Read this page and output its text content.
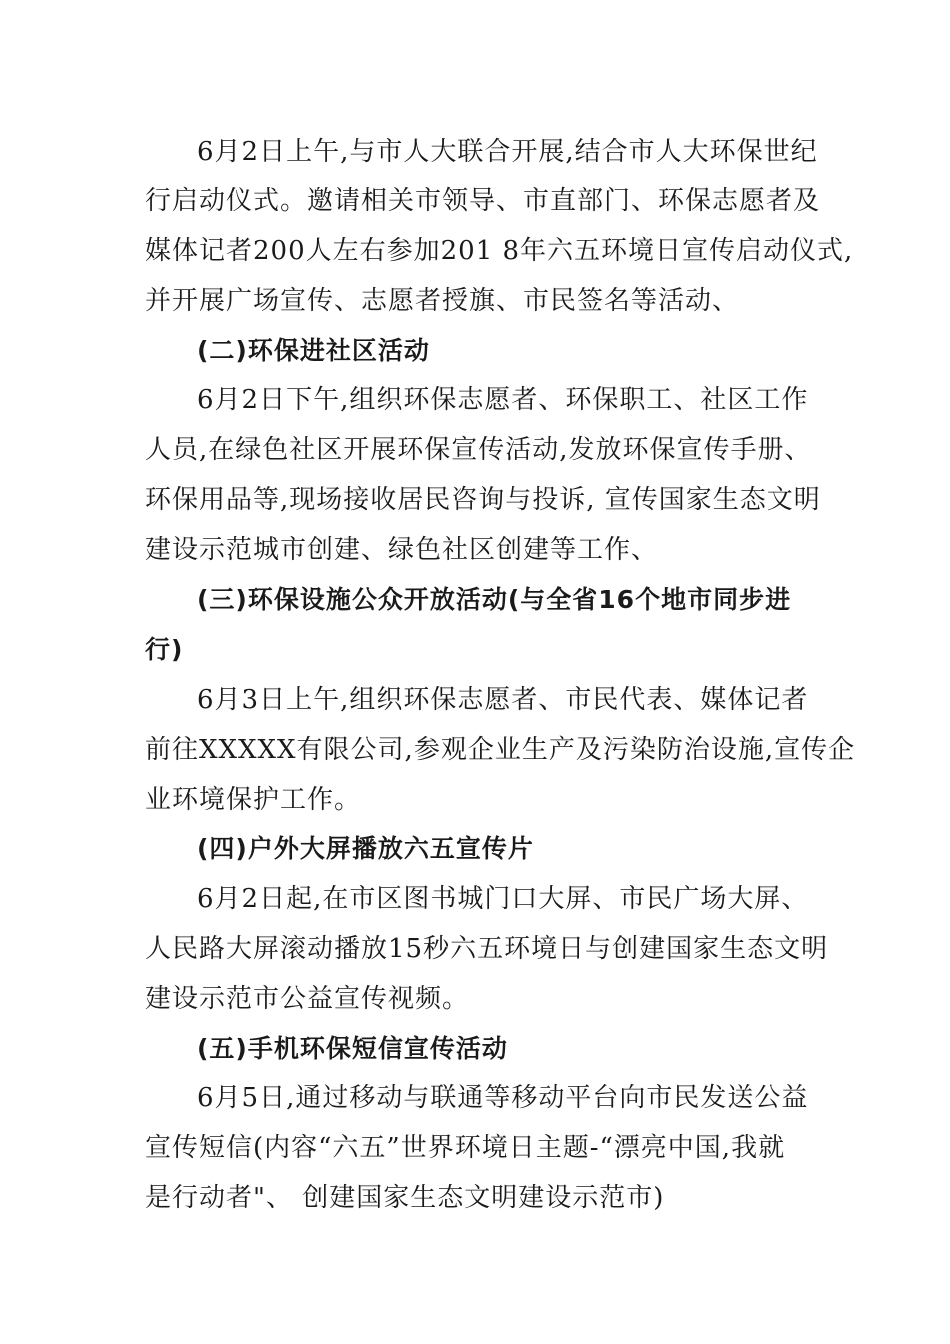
6月2日上午,与市人大联合开展,结合市人大环保世纪
行启动仪式。邀请相关市领导、市直部门、环保志愿者及
媒体记者200人左右参加201 8年六五环境日宣传启动仪式,
并开展广场宣传、志愿者授旗、市民签名等活动、
(二)环保进社区活动
6月2日下午,组织环保志愿者、环保职工、社区工作
人员,在绿色社区开展环保宣传活动,发放环保宣传手册、
环保用品等,现场接收居民咨询与投诉, 宣传国家生态文明
建设示范城市创建、绿色社区创建等工作、
(三)环保设施公众开放活动(与全省16个地市同步进
行)
6月3日上午,组织环保志愿者、市民代表、媒体记者
前往XXXXX有限公司,参观企业生产及污染防治设施,宣传企
业环境保护工作。
(四)户外大屏播放六五宣传片
6月2日起,在市区图书城门口大屏、市民广场大屏、
人民路大屏滚动播放15秒六五环境日与创建国家生态文明
建设示范市公益宣传视频。
(五)手机环保短信宣传活动
6月5日,通过移动与联通等移动平台向市民发送公益
宣传短信(内容“六五”世界环境日主题-“漂亮中国,我就
是行动者"、 创建国家生态文明建设示范市)
